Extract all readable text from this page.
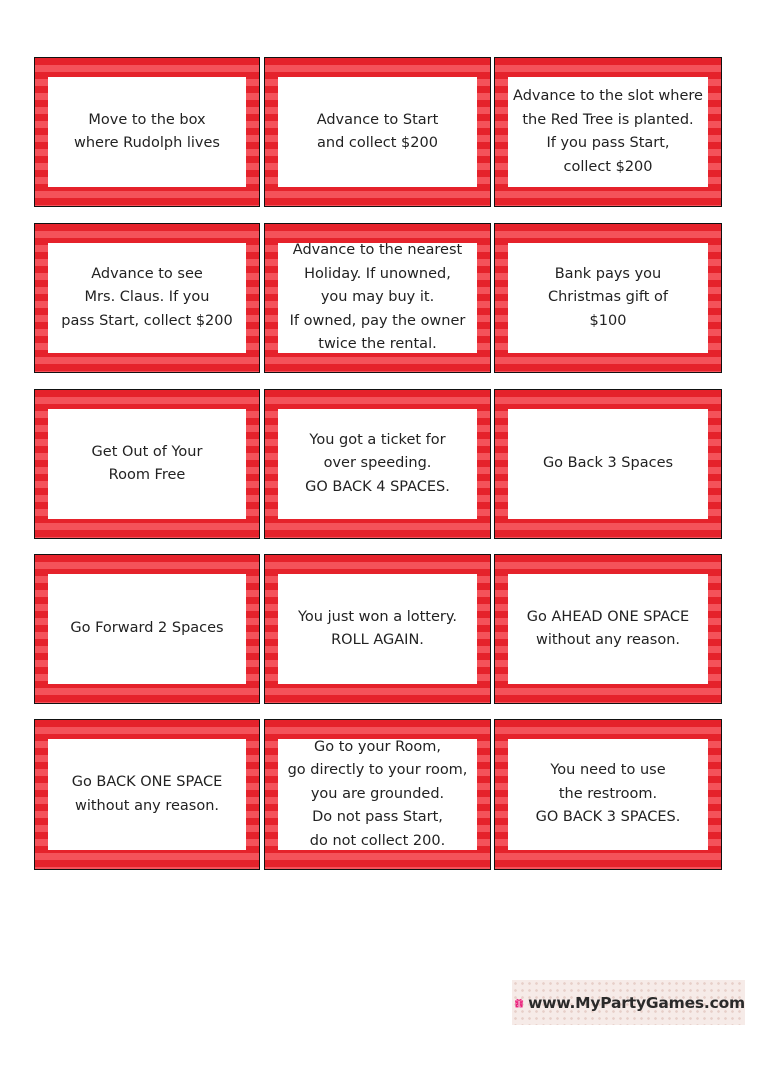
Move to the box
where Rudolph lives
Advance to Start
and collect $200
Advance to the slot where
the Red Tree is planted.
If you pass Start,
collect $200
Advance to see
Mrs. Claus. If you
pass Start, collect $200
Advance to the nearest
Holiday. If unowned,
you may buy it.
If owned, pay the owner
twice the rental.
Bank pays you
Christmas gift of
$100
Get Out of Your
Room Free
You got a ticket for
over speeding.
GO BACK 4 SPACES.
Go Back 3 Spaces
Go Forward 2 Spaces
You just won a lottery.
ROLL AGAIN.
Go AHEAD ONE SPACE
without any reason.
Go BACK ONE SPACE
without any reason.
Go to your Room,
go directly to your room,
you are grounded.
Do not pass Start,
do not collect 200.
You need to use
the restroom.
GO BACK 3 SPACES.
www.MyPartyGames.com
